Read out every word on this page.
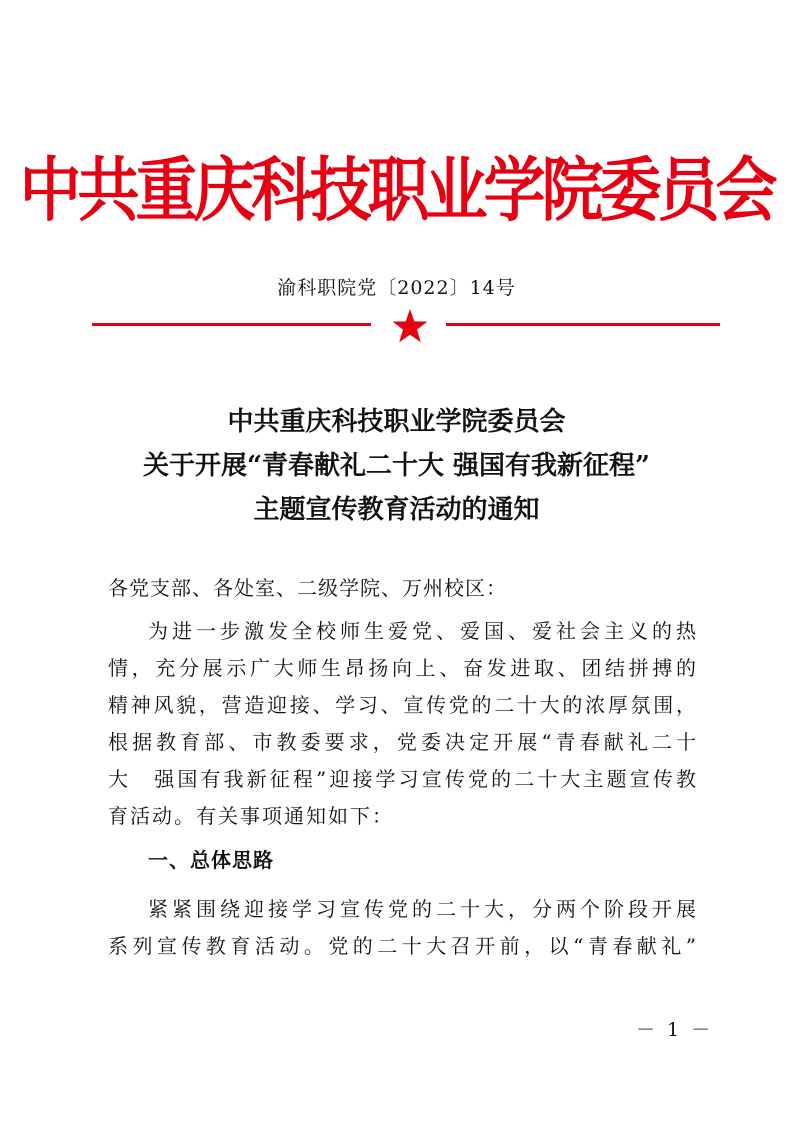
中共重庆科技职业学院委员会
渝科职院党〔2022〕14号
中共重庆科技职业学院委员会
关于开展“青春献礼二十大 强国有我新征程”
主题宣传教育活动的通知
各党支部、各处室、二级学院、万州校区：
为进一步激发全校师生爱党、爱国、爱社会主义的热
情，充分展示广大师生昂扬向上、奋发进取、团结拼搏的
精神风貌，营造迎接、学习、宣传党的二十大的浓厚氛围，
根据教育部、市教委要求，党委决定开展“青春献礼二十
大　强国有我新征程”迎接学习宣传党的二十大主题宣传教
育活动。有关事项通知如下：
一、总体思路
紧紧围绕迎接学习宣传党的二十大，分两个阶段开展
系列宣传教育活动。党的二十大召开前，以“青春献礼”
－ 1 －
